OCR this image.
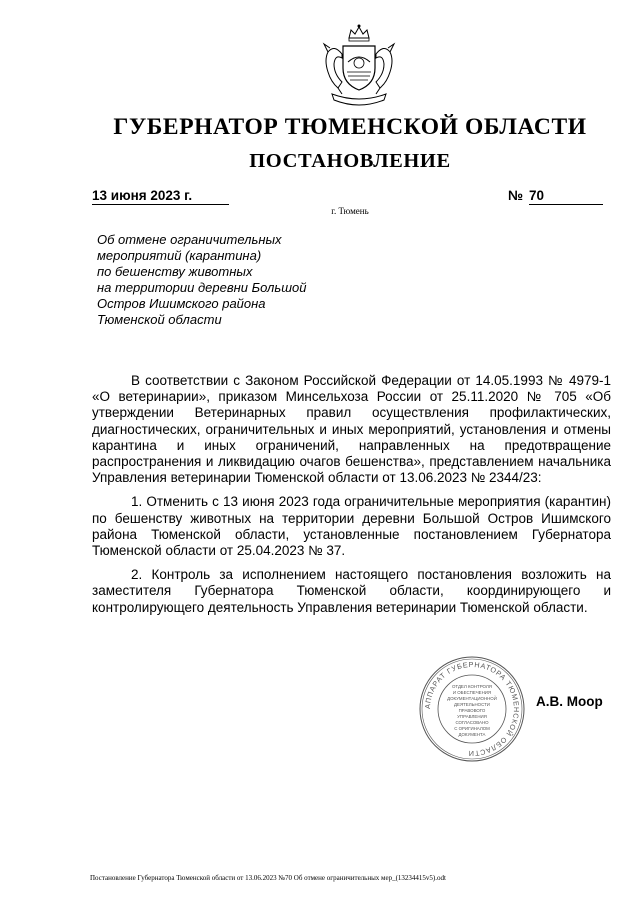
ГУБЕРНАТОР ТЮМЕНСКОЙ ОБЛАСТИ
ПОСТАНОВЛЕНИЕ
13 июня 2023 г.	№ 70
г. Тюмень
Об отмене ограничительных
мероприятий (карантина)
по бешенству животных
на территории деревни Большой
Остров Ишимского района
Тюменской области

В соответствии с Законом Российской Федерации от 14.05.1993 № 4979-1 «О ветеринарии», приказом Минсельхоза России от 25.11.2020 № 705 «Об утверждении Ветеринарных правил осуществления профилактических, диагностических, ограничительных и иных мероприятий, установления и отмены карантина и иных ограничений, направленных на предотвращение распространения и ликвидацию очагов бешенства», представлением начальника Управления ветеринарии Тюменской области от 13.06.2023 № 2344/23:

1. Отменить с 13 июня 2023 года ограничительные мероприятия (карантин) по бешенству животных на территории деревни Большой Остров Ишимского района Тюменской области, установленные постановлением Губернатора Тюменской области от 25.04.2023 № 37.

2. Контроль за исполнением настоящего постановления возложить на заместителя Губернатора Тюменской области, координирующего и контролирующего деятельность Управления ветеринарии Тюменской области.

АППАРАТ ГУБЕРНАТОРА ТЮМЕНСКОЙ ОБЛАСТИ
ОТДЕЛ КОНТРОЛЯ
И ОБЕСПЕЧЕНИЯ
ДОКУМЕНТАЦИОННОЙ
ДЕЯТЕЛЬНОСТИ
ПРАВОВОГО
УПРАВЛЕНИЯ
СОГЛАСОВАНО
С ОРИГИНАЛОМ
ДОКУМЕНТА
А.В. Моор
Постановление Губернатора Тюменской области от 13.06.2023 №70 Об отмене ограничительных мер_(13234415v5).odt
